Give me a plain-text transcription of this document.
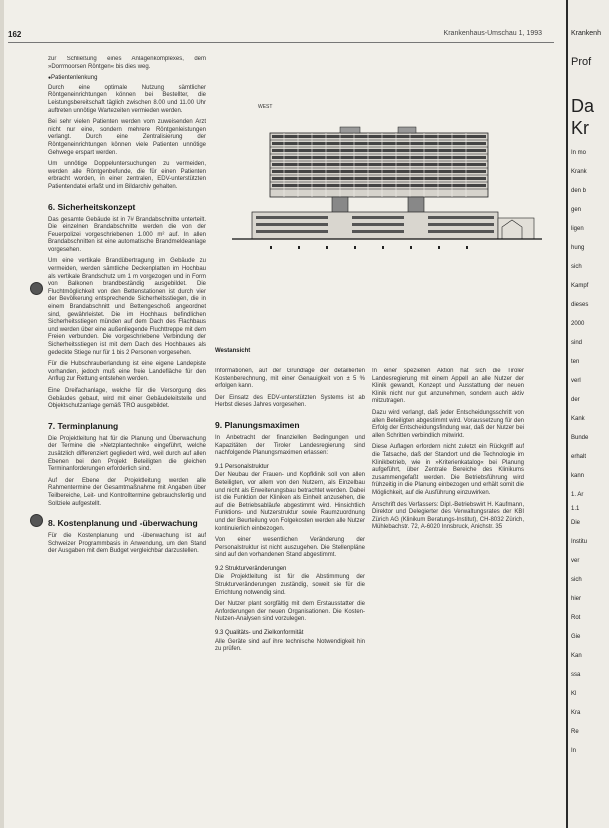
162	Krankenhaus-Umschau 1, 1993

zur Schließung eines Anlagenkomplexes, dem »Dorrmoorsen Röntgen« bis dies weg.

● Patientenlenkung

Durch eine optimale Nutzung sämtlicher Röntgeneinrichtungen können bei Bestellter, die Leistungsbereitschaft täglich zwischen 8.00 und 11.00 Uhr auftreten unnötige Wartezeiten vermieden werden.

Bei sehr vielen Patienten werden vom zuweisenden Arzt nicht nur eine, sondern mehrere Röntgenleistungen verlangt. Durch eine Zentralisierung der Röntgeneinrichtungen können viele Patienten unnötige Gehwege erspart werden.

Um unnötige Doppeluntersuchungen zu vermeiden, werden alle Röntgenbefunde, die für einen Patienten erbracht worden, in einer zentralen, EDV-unterstützten Patientendatei erfaßt und im Bildarchiv gehalten.

6. Sicherheitskonzept

Das gesamte Gebäude ist in 7# Brandabschnitte unterteilt. Die einzelnen Brandabschnitte werden die von der Feuerpolizei vorgeschriebenen 1.000 m² auf. In allen Brandabschnitten ist eine automatische Brandmeldeanlage vorgesehen.

Um eine vertikale Brandübertragung im Gebäude zu vermeiden, werden sämtliche Deckenplatten im Hochbau als vertikale Brandschutz um 1 m vorgezogen und in Form von Balkonen brandbeständig ausgebildet. Die Fluchtmöglichkeit von den Bettenstationen ist durch vier der Bevölkerung entsprechende Sicherheitsstiegen, die in einem Brandabschnitt und Bettengeschoß angeordnet sind, gewährleistet. Die im Hochhaus befindlichen Sicherheitsstiegen münden auf dem Dach des Flachbaus und werden über eine außenliegende Fluchttreppe mit dem Freien verbunden. Die vorgeschriebene Verbindung der Sicherheitsstiegen ist mit dem Dach des Hochbaues als gedeckte Stiege nur für 1 bis 2 Personen vorgesehen.

Für die Hubschrauberlandung ist eine eigene Landepiste vorhanden, jedoch muß eine freie Landefläche für den Anflug zur Rettung entstehen werden.

Eine Dreifachanlage, welche für die Versorgung des Gebäudes gebaut, wird mit einer Gebäudeleitstelle und Objektschutzanlage gemäß TRO ausgebildet.

7. Terminplanung

Die Projektleitung hat für die Planung und Überwachung der Termine die »Netzplantechnik« eingeführt, welche zusätzlich differenziert gegliedert wird, weil durch auf allen Ebenen bei den Projekt Beteiligten die gleichen Terminanforderungen erforderlich sind.

Auf der Ebene der Projektleitung werden alle Rahmentermine der Gesamtmaßnahme mit Angaben über Teilbereiche, Leit- und Kontrolltermine gebrauchsfertig und Sollziele aufgestellt.

8. Kostenplanung und -überwachung

Für die Kostenplanung und -überwachung ist auf Schweizer Programmbasis in Anwendung, um den Stand der Ausgaben mit dem Budget vergleichbar darzustellen.

WEST
Westansicht

Informationen, auf der Grundlage der detaillierten Kostenberechnung, mit einer Genauigkeit von ± 5 % erfolgen kann.

Der Einsatz des EDV-unterstützten Systems ist ab Herbst dieses Jahres vorgesehen.

9. Planungsmaximen

In Anbetracht der finanziellen Bedingungen und Kapazitäten der Tiroler Landesregierung sind nachfolgende Planungsmaximen erlassen:

9.1 Personalstruktur

Der Neubau der Frauen- und Kopfklinik soll von allen Beteiligten, vor allem von den Nutzern, als Einzelbau und nicht als Erweiterungsbau betrachtet werden. Dabei ist die Funktion der Kliniken als Einheit anzusehen, die auf die Betriebsabläufe abgestimmt wird. Hinsichtlich Funktions- und Nutzerstruktur sowie Raumzuordnung und der Beurteilung von Folgekosten werden alle Nutzer kontinuierlich einbezogen.

Von einer wesentlichen Veränderung der Personalstruktur ist nicht auszugehen. Die Stellenpläne sind auf den vorhandenen Stand abgestimmt.

9.2 Strukturveränderungen

Die Projektleitung ist für die Abstimmung der Strukturveränderungen zuständig, soweit sie für die Errichtung notwendig sind.

Der Nutzer plant sorgfältig mit dem Erstausstatter die Anforderungen der neuen Organisationen. Die Kosten-Nutzen-Analysen sind vorzulegen.

9.3 Qualitäts- und Zielkonformität

Alle Geräte sind auf ihre technische Notwendigkeit hin zu prüfen.

In einer speziellen Aktion hat sich die Tiroler Landesregierung mit einem Appell an alle Nutzer der Klinik gewandt, Konzept und Ausstattung der neuen Klinik nicht nur gut anzunehmen, sondern auch aktiv mitzutragen.

Dazu wird verlangt, daß jeder Entscheidungsschritt von allen Beteiligten abgestimmt wird. Voraussetzung für den Erfolg der Entscheidungsfindung war, daß der Nutzer bei allen Schritten verbindlich mitwirkt.

Diese Auflagen erfordern nicht zuletzt ein Rückgriff auf die Tatsache, daß der Standort und die Technologie im Klinikbetrieb, wie in »Kriterienkatalog« bei Planung aufgeführt, über Zentrale Bereiche des Klinikums zusammengefaßt werden. Die Betriebsführung wird frühzeitig in die Planung einbezogen und erhält somit die Möglichkeit, auf die Ausführung einzuwirken.

Anschrift des Verfassers: Dipl.-Betriebswirt H. Kaufmann, Direktor und Delegierter des Verwaltungsrates der KBI Zürich AG (Klinikum Beratungs-Institut), CH-8032 Zürich, Mühlebachstr. 72, A-6020 Innsbruck, Anichstr. 35

Krankenh
Prof
Da
Kr
In mo
Krank
den b
gen
ligen
hung
sich
Kampf
dieses
2000
sind
ten
verl
der
Kank
Bunde
erhalt
kann
1. Ar
1.1
Die
Institu
ver
sich
hier
Rot
Gie
Kan
ssa
Kl
Kra
Re
In
